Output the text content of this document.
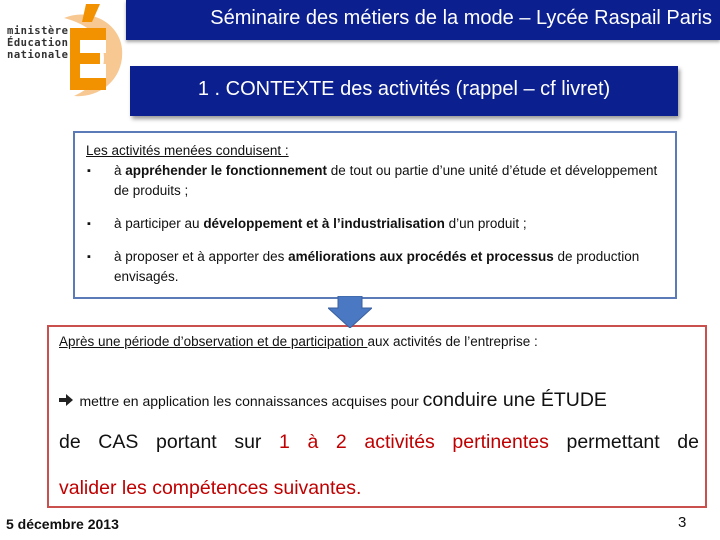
ministère
Éducation
nationale
Séminaire des métiers de la mode – Lycée Raspail Paris
1 . CONTEXTE des activités (rappel – cf livret)
Les activités menées conduisent :
▪ à appréhender le fonctionnement de tout ou partie d’une unité d’étude et développement de produits ;
▪ à participer au développement et à l’industrialisation d’un produit ;
▪ à proposer et à apporter des améliorations aux procédés et processus de production envisagés.
Après une période d’observation et de participation aux activités de l’entreprise :
mettre en application les connaissances acquises pour conduire une ÉTUDE
de CAS portant sur 1 à 2 activités pertinentes permettant de
valider les compétences suivantes.
5 décembre 2013	3
